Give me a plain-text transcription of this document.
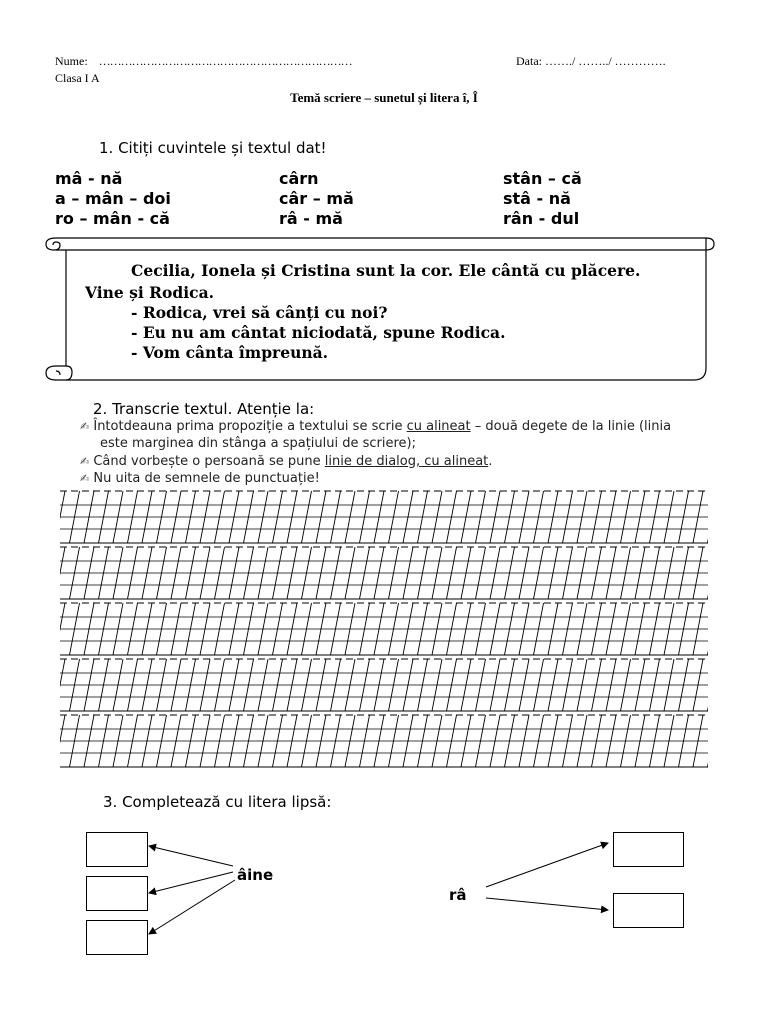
Nume: ……………………………………………………………	Data: ……./ ……../ ………….
Clasa I A
Temă scriere – sunetul și litera î, Î
1. Citiți cuvintele și textul dat!
mâ - nă
a – mân – doi
ro – mân - că
cârn
câr – mă
râ - mă
stân – că
stâ - nă
rân - dul
Cecilia, Ionela și Cristina sunt la cor. Ele cântă cu plăcere.
Vine și Rodica.
- Rodica, vrei să cânți cu noi?
- Eu nu am cântat niciodată, spune Rodica.
- Vom cânta împreună.
2. Transcrie textul. Atenție la:
✍ Întotdeauna prima propoziție a textului se scrie cu alineat – două degete de la linie (linia
este marginea din stânga a spațiului de scriere);
✍ Când vorbește o persoană se pune linie de dialog, cu alineat.
✍ Nu uita de semnele de punctuație!
3. Completează cu litera lipsă:
âine
râ
